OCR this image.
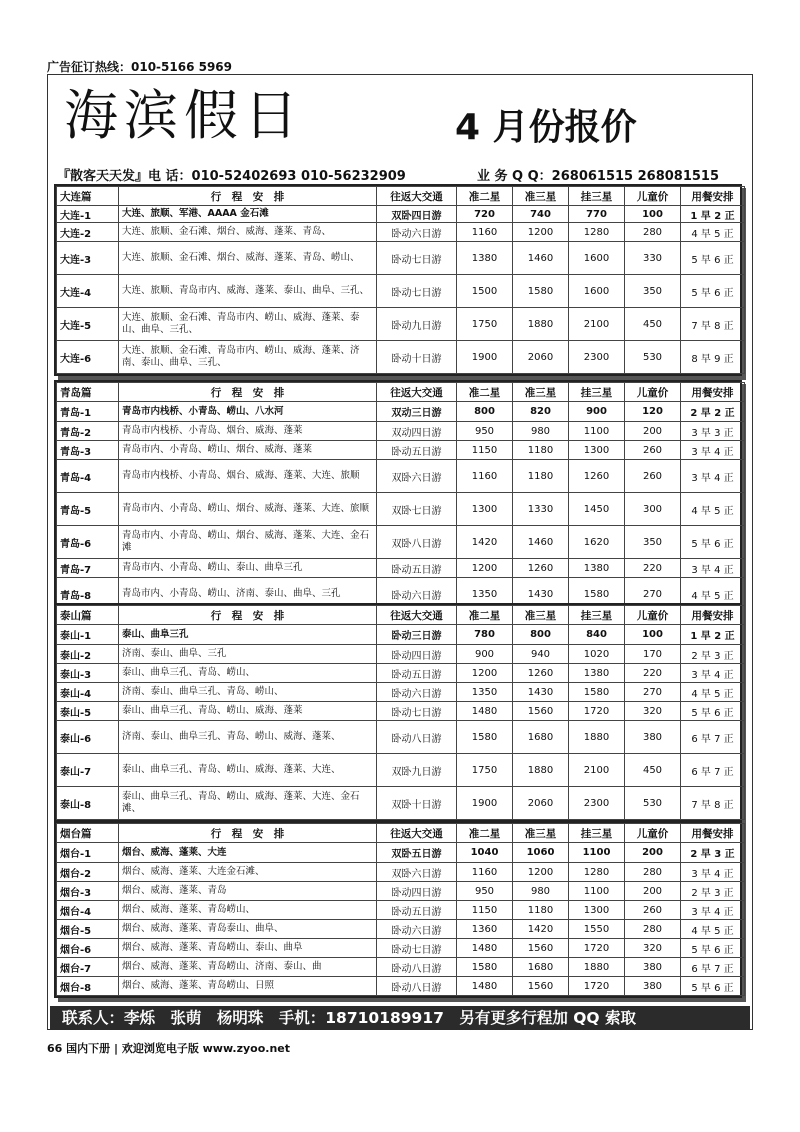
广告征订热线：010-5166 5969
海滨假日	4 月份报价
『散客天天发』电 话：010-52402693 010-56232909	业 务 Q Q：268061515 268081515
大连篇	行　程　安　排	往返大交通	准二星	准三星	挂三星	儿童价	用餐安排
大连-1	大连、旅顺、军港、AAAA 金石滩	双卧四日游	720	740	770	100	1 早 2 正
大连-2	大连、旅顺、金石滩、烟台、威海、蓬莱、青岛、	卧动六日游	1160	1200	1280	280	4 早 5 正
大连-3	大连、旅顺、金石滩、烟台、威海、蓬莱、青岛、崂山、	卧动七日游	1380	1460	1600	330	5 早 6 正
大连-4	大连、旅顺、青岛市内、威海、蓬莱、泰山、曲阜、三孔、	卧动七日游	1500	1580	1600	350	5 早 6 正
大连-5	大连、旅顺、金石滩、青岛市内、崂山、威海、蓬莱、泰山、曲阜、三孔、	卧动九日游	1750	1880	2100	450	7 早 8 正
大连-6	大连、旅顺、金石滩、青岛市内、崂山、威海、蓬莱、济南、泰山、曲阜、三孔、	卧动十日游	1900	2060	2300	530	8 早 9 正
青岛篇	行　程　安　排	往返大交通	准二星	准三星	挂三星	儿童价	用餐安排
青岛-1	青岛市内栈桥、小青岛、崂山、八水河	双动三日游	800	820	900	120	2 早 2 正
青岛-2	青岛市内栈桥、小青岛、烟台、威海、蓬莱	双动四日游	950	980	1100	200	3 早 3 正
青岛-3	青岛市内、小青岛、崂山、烟台、威海、蓬莱	卧动五日游	1150	1180	1300	260	3 早 4 正
青岛-4	青岛市内栈桥、小青岛、烟台、威海、蓬莱、大连、旅顺	双卧六日游	1160	1180	1260	260	3 早 4 正
青岛-5	青岛市内、小青岛、崂山、烟台、威海、蓬莱、大连、旅顺	双卧七日游	1300	1330	1450	300	4 早 5 正
青岛-6	青岛市内、小青岛、崂山、烟台、威海、蓬莱、大连、金石滩	双卧八日游	1420	1460	1620	350	5 早 6 正
青岛-7	青岛市内、小青岛、崂山、泰山、曲阜三孔	卧动五日游	1200	1260	1380	220	3 早 4 正
青岛-8	青岛市内、小青岛、崂山、济南、泰山、曲阜、三孔	卧动六日游	1350	1430	1580	270	4 早 5 正
泰山篇	行　程　安　排	往返大交通	准二星	准三星	挂三星	儿童价	用餐安排
泰山-1	泰山、曲阜三孔	卧动三日游	780	800	840	100	1 早 2 正
泰山-2	济南、泰山、曲阜、三孔	卧动四日游	900	940	1020	170	2 早 3 正
泰山-3	泰山、曲阜三孔、青岛、崂山、	卧动五日游	1200	1260	1380	220	3 早 4 正
泰山-4	济南、泰山、曲阜三孔、青岛、崂山、	卧动六日游	1350	1430	1580	270	4 早 5 正
泰山-5	泰山、曲阜三孔、青岛、崂山、威海、蓬莱	卧动七日游	1480	1560	1720	320	5 早 6 正
泰山-6	济南、泰山、曲阜三孔、青岛、崂山、威海、蓬莱、	卧动八日游	1580	1680	1880	380	6 早 7 正
泰山-7	泰山、曲阜三孔、青岛、崂山、威海、蓬莱、大连、	双卧九日游	1750	1880	2100	450	6 早 7 正
泰山-8	泰山、曲阜三孔、青岛、崂山、威海、蓬莱、大连、金石滩、	双卧十日游	1900	2060	2300	530	7 早 8 正
烟台篇	行　程　安　排	往返大交通	准二星	准三星	挂三星	儿童价	用餐安排
烟台-1	烟台、威海、蓬莱、大连	双卧五日游	1040	1060	1100	200	2 早 3 正
烟台-2	烟台、威海、蓬莱、大连金石滩、	双卧六日游	1160	1200	1280	280	3 早 4 正
烟台-3	烟台、威海、蓬莱、青岛	卧动四日游	950	980	1100	200	2 早 3 正
烟台-4	烟台、威海、蓬莱、青岛崂山、	卧动五日游	1150	1180	1300	260	3 早 4 正
烟台-5	烟台、威海、蓬莱、青岛泰山、曲阜、	卧动六日游	1360	1420	1550	280	4 早 5 正
烟台-6	烟台、威海、蓬莱、青岛崂山、泰山、曲阜	卧动七日游	1480	1560	1720	320	5 早 6 正
烟台-7	烟台、威海、蓬莱、青岛崂山、济南、泰山、曲	卧动八日游	1580	1680	1880	380	6 早 7 正
烟台-8	烟台、威海、蓬莱、青岛崂山、日照	卧动八日游	1480	1560	1720	380	5 早 6 正
联系人：李烁 张萌 杨明珠 手机：18710189917 另有更多行程加 QQ 索取
66 国内下册 | 欢迎浏览电子版 www.zyoo.net
